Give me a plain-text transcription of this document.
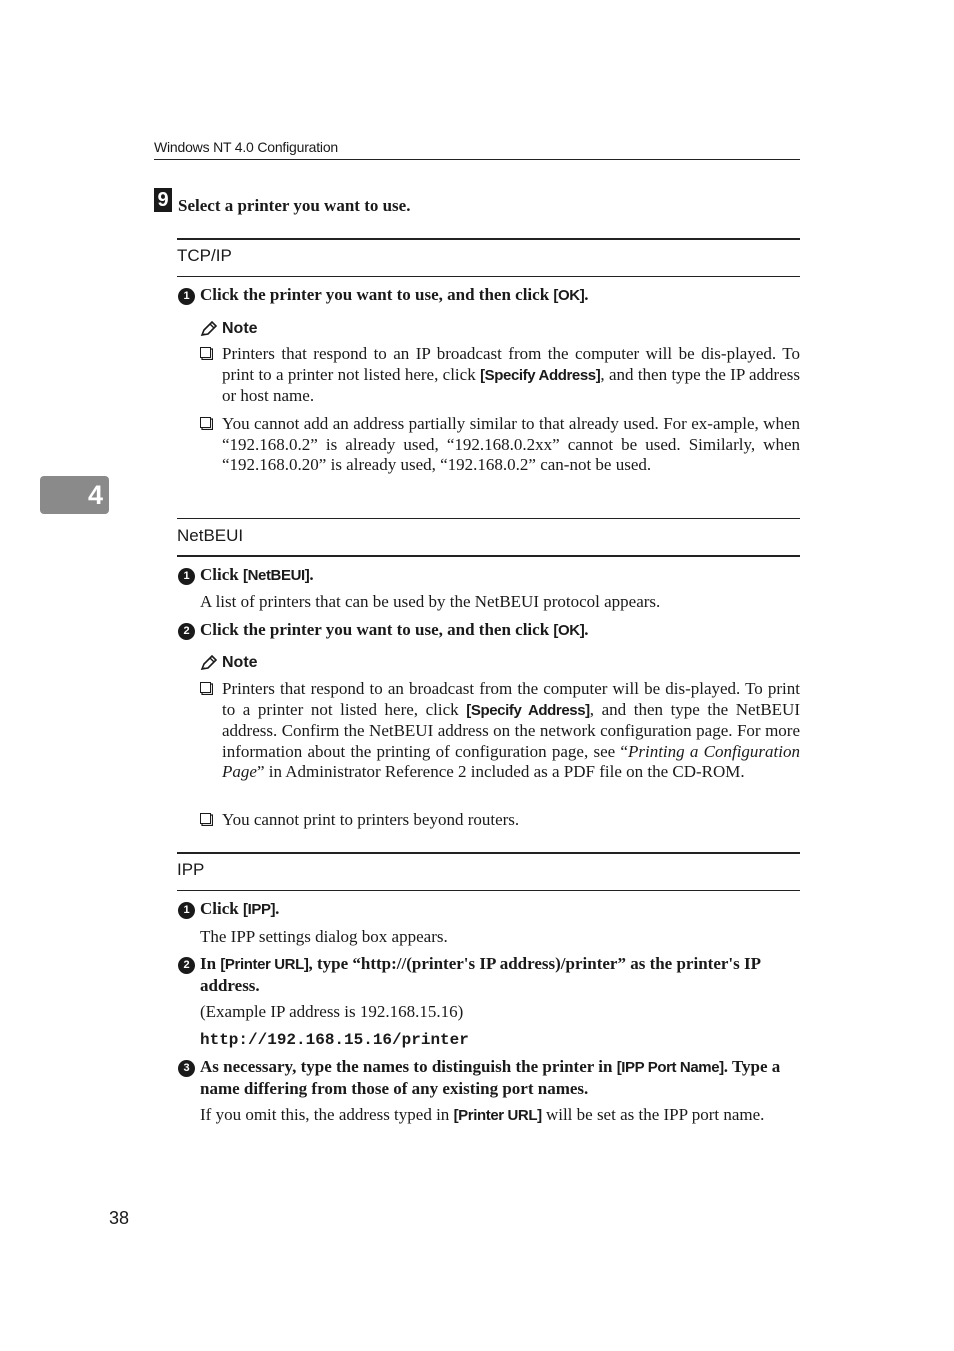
Windows NT 4.0 Configuration
9 Select a printer you want to use.
TCP/IP
1 Click the printer you want to use, and then click [OK].
Note
Printers that respond to an IP broadcast from the computer will be dis-played. To print to a printer not listed here, click [Specify Address], and then type the IP address or host name.
You cannot add an address partially similar to that already used. For ex-ample, when “192.168.0.2” is already used, “192.168.0.2xx” cannot be used. Similarly, when “192.168.0.20” is already used, “192.168.0.2” can-not be used.
4
NetBEUI
1 Click [NetBEUI].
A list of printers that can be used by the NetBEUI protocol appears.
2 Click the printer you want to use, and then click [OK].
Note
Printers that respond to an broadcast from the computer will be dis-played. To print to a printer not listed here, click [Specify Address], and then type the NetBEUI address. Confirm the NetBEUI address on the network configuration page. For more information about the printing of configuration page, see “Printing a Configuration Page” in Administrator Reference 2 included as a PDF file on the CD-ROM.
You cannot print to printers beyond routers.
IPP
1 Click [IPP].
The IPP settings dialog box appears.
2 In [Printer URL], type “http://(printer's IP address)/printer” as the printer's IP address.
(Example IP address is 192.168.15.16)
http://192.168.15.16/printer
3 As necessary, type the names to distinguish the printer in [IPP Port Name]. Type a name differing from those of any existing port names.
If you omit this, the address typed in [Printer URL] will be set as the IPP port name.
38
